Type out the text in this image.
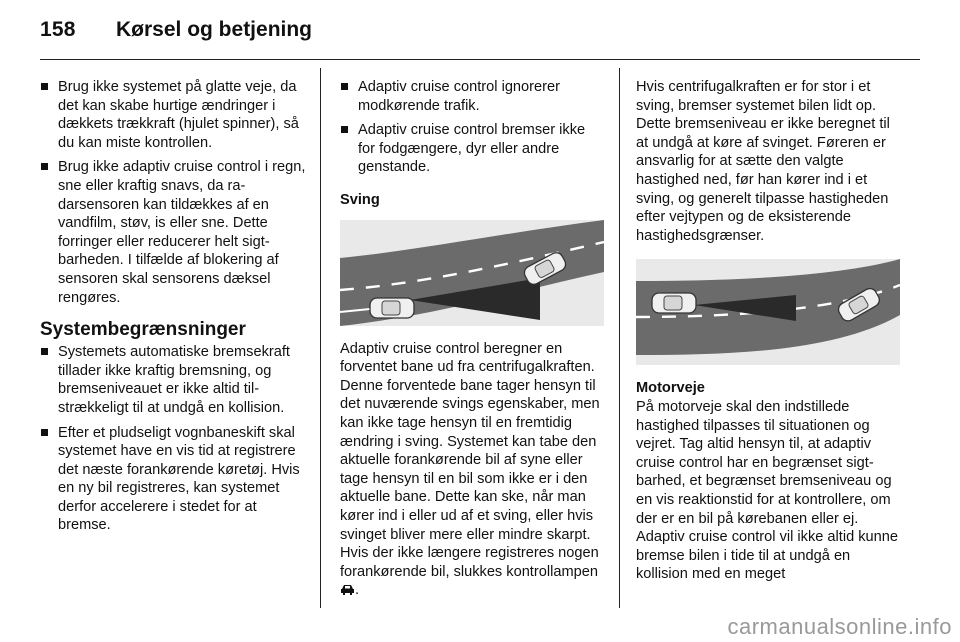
158 Kørsel og betjening
Brug ikke systemet på glatte veje, da det kan skabe hurtige ændringer i dækkets trækkraft (hjulet spinner), så du kan miste kontrollen.
Brug ikke adaptiv cruise control i regn, sne eller kraftig snavs, da radarsensoren kan tildækkes af en vandfilm, støv, is eller sne. Dette forringer eller reducerer helt sigtbarheden. I tilfælde af blokering af sensoren skal sensorens dæksel rengøres.
Systembegrænsninger
Systemets automatiske bremsekraft tillader ikke kraftig bremsning, og bremseniveauet er ikke altid tilstrækkeligt til at undgå en kollision.
Efter et pludseligt vognbaneskift skal systemet have en vis tid at registrere det næste forankørende køretøj. Hvis en ny bil registreres, kan systemet derfor accelerere i stedet for at bremse.
Adaptiv cruise control ignorerer modkørende trafik.
Adaptiv cruise control bremser ikke for fodgængere, dyr eller andre genstande.
Sving

Adaptiv cruise control beregner en forventet bane ud fra centrifugalkraften. Denne forventede bane tager hensyn til det nuværende svings egenskaber, men kan ikke tage hensyn til en fremtidig ændring i sving. Systemet kan tabe den aktuelle forankørende bil af syne eller tage hensyn til en bil som ikke er i den aktuelle bane. Dette kan ske, når man kører ind i eller ud af et sving, eller hvis svinget bliver mere eller mindre skarpt. Hvis der ikke længere registreres nogen forankørende bil, slukkes kontrollampen .

Hvis centrifugalkraften er for stor i et sving, bremser systemet bilen lidt op. Dette bremseniveau er ikke beregnet til at undgå at køre af svinget. Føreren er ansvarlig for at sætte den valgte hastighed ned, før han kører ind i et sving, og generelt tilpasse hastigheden efter vejtypen og de eksisterende hastighedsgrænser.

Motorveje

På motorveje skal den indstillede hastighed tilpasses til situationen og vejret. Tag altid hensyn til, at adaptiv cruise control har en begrænset sigtbarhed, et begrænset bremseniveau og en vis reaktionstid for at kontrollere, om der er en bil på kørebanen eller ej. Adaptiv cruise control vil ikke altid kunne bremse bilen i tide til at undgå en kollision med en meget

carmanualsonline.info
